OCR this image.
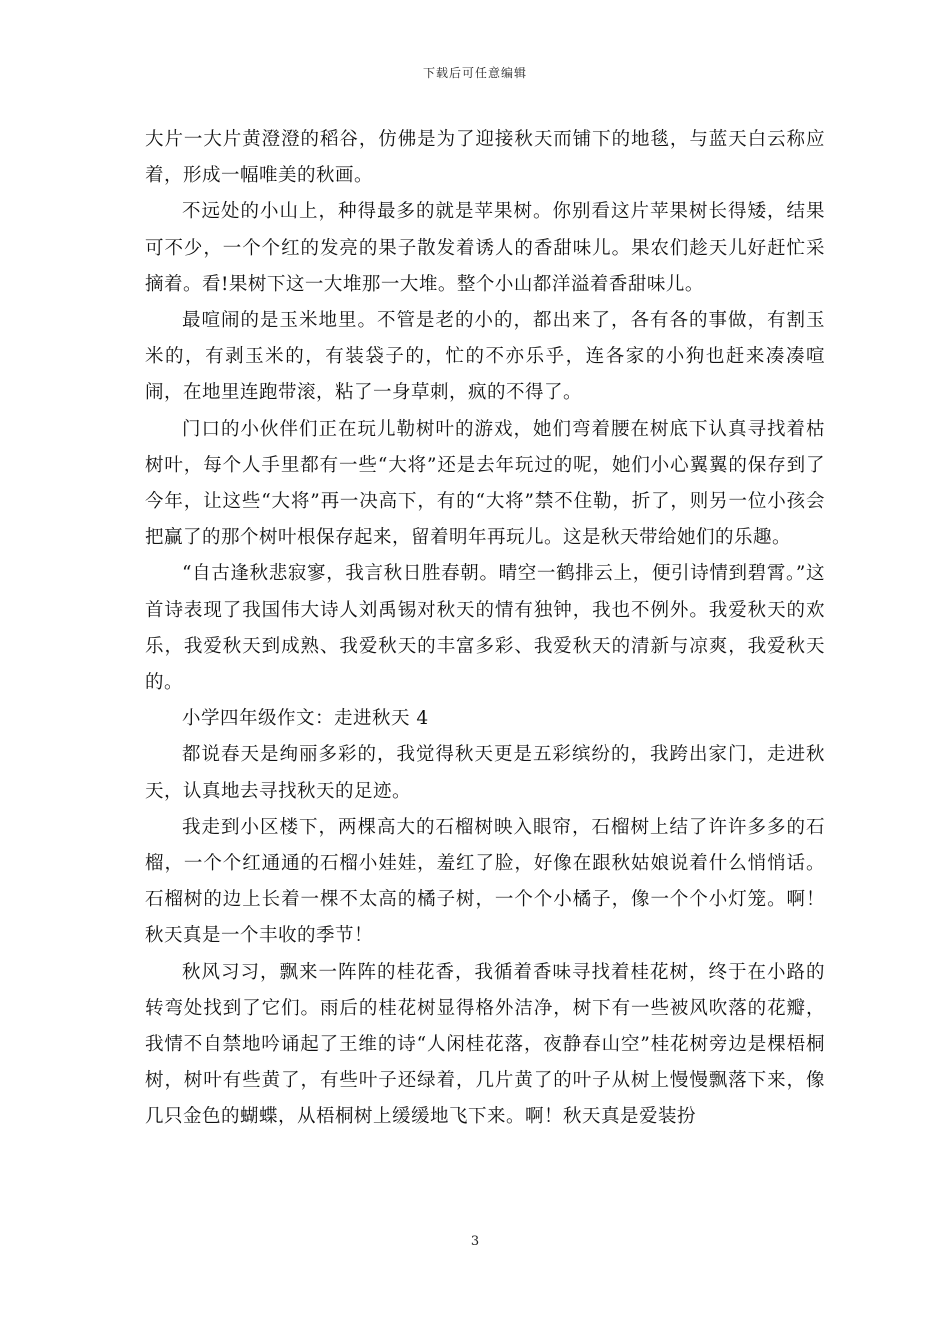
下载后可任意编辑

大片一大片黄澄澄的稻谷，仿佛是为了迎接秋天而铺下的地毯，与蓝天白云称应着，形成一幅唯美的秋画。

不远处的小山上，种得最多的就是苹果树。你别看这片苹果树长得矮，结果可不少，一个个红的发亮的果子散发着诱人的香甜味儿。果农们趁天儿好赶忙采摘着。看!果树下这一大堆那一大堆。整个小山都洋溢着香甜味儿。

最喧闹的是玉米地里。不管是老的小的，都出来了，各有各的事做，有割玉米的，有剥玉米的，有装袋子的，忙的不亦乐乎，连各家的小狗也赶来凑凑喧闹，在地里连跑带滚，粘了一身草刺，疯的不得了。

门口的小伙伴们正在玩儿勒树叶的游戏，她们弯着腰在树底下认真寻找着枯树叶，每个人手里都有一些“大将”还是去年玩过的呢，她们小心翼翼的保存到了今年，让这些“大将”再一决高下，有的“大将”禁不住勒，折了，则另一位小孩会把赢了的那个树叶根保存起来，留着明年再玩儿。这是秋天带给她们的乐趣。

“自古逢秋悲寂寥，我言秋日胜春朝。晴空一鹤排云上，便引诗情到碧霄。”这首诗表现了我国伟大诗人刘禹锡对秋天的情有独钟，我也不例外。我爱秋天的欢乐，我爱秋天到成熟、我爱秋天的丰富多彩、我爱秋天的清新与凉爽，我爱秋天的。

小学四年级作文：走进秋天 4

都说春天是绚丽多彩的，我觉得秋天更是五彩缤纷的，我跨出家门，走进秋天，认真地去寻找秋天的足迹。

我走到小区楼下，两棵高大的石榴树映入眼帘，石榴树上结了许许多多的石榴，一个个红通通的石榴小娃娃，羞红了脸，好像在跟秋姑娘说着什么悄悄话。石榴树的边上长着一棵不太高的橘子树，一个个小橘子，像一个个小灯笼。啊！秋天真是一个丰收的季节！

秋风习习，飘来一阵阵的桂花香，我循着香味寻找着桂花树，终于在小路的转弯处找到了它们。雨后的桂花树显得格外洁净，树下有一些被风吹落的花瓣，我情不自禁地吟诵起了王维的诗“人闲桂花落，夜静春山空”桂花树旁边是棵梧桐树，树叶有些黄了，有些叶子还绿着，几片黄了的叶子从树上慢慢飘落下来，像几只金色的蝴蝶，从梧桐树上缓缓地飞下来。啊！秋天真是爱装扮

3
